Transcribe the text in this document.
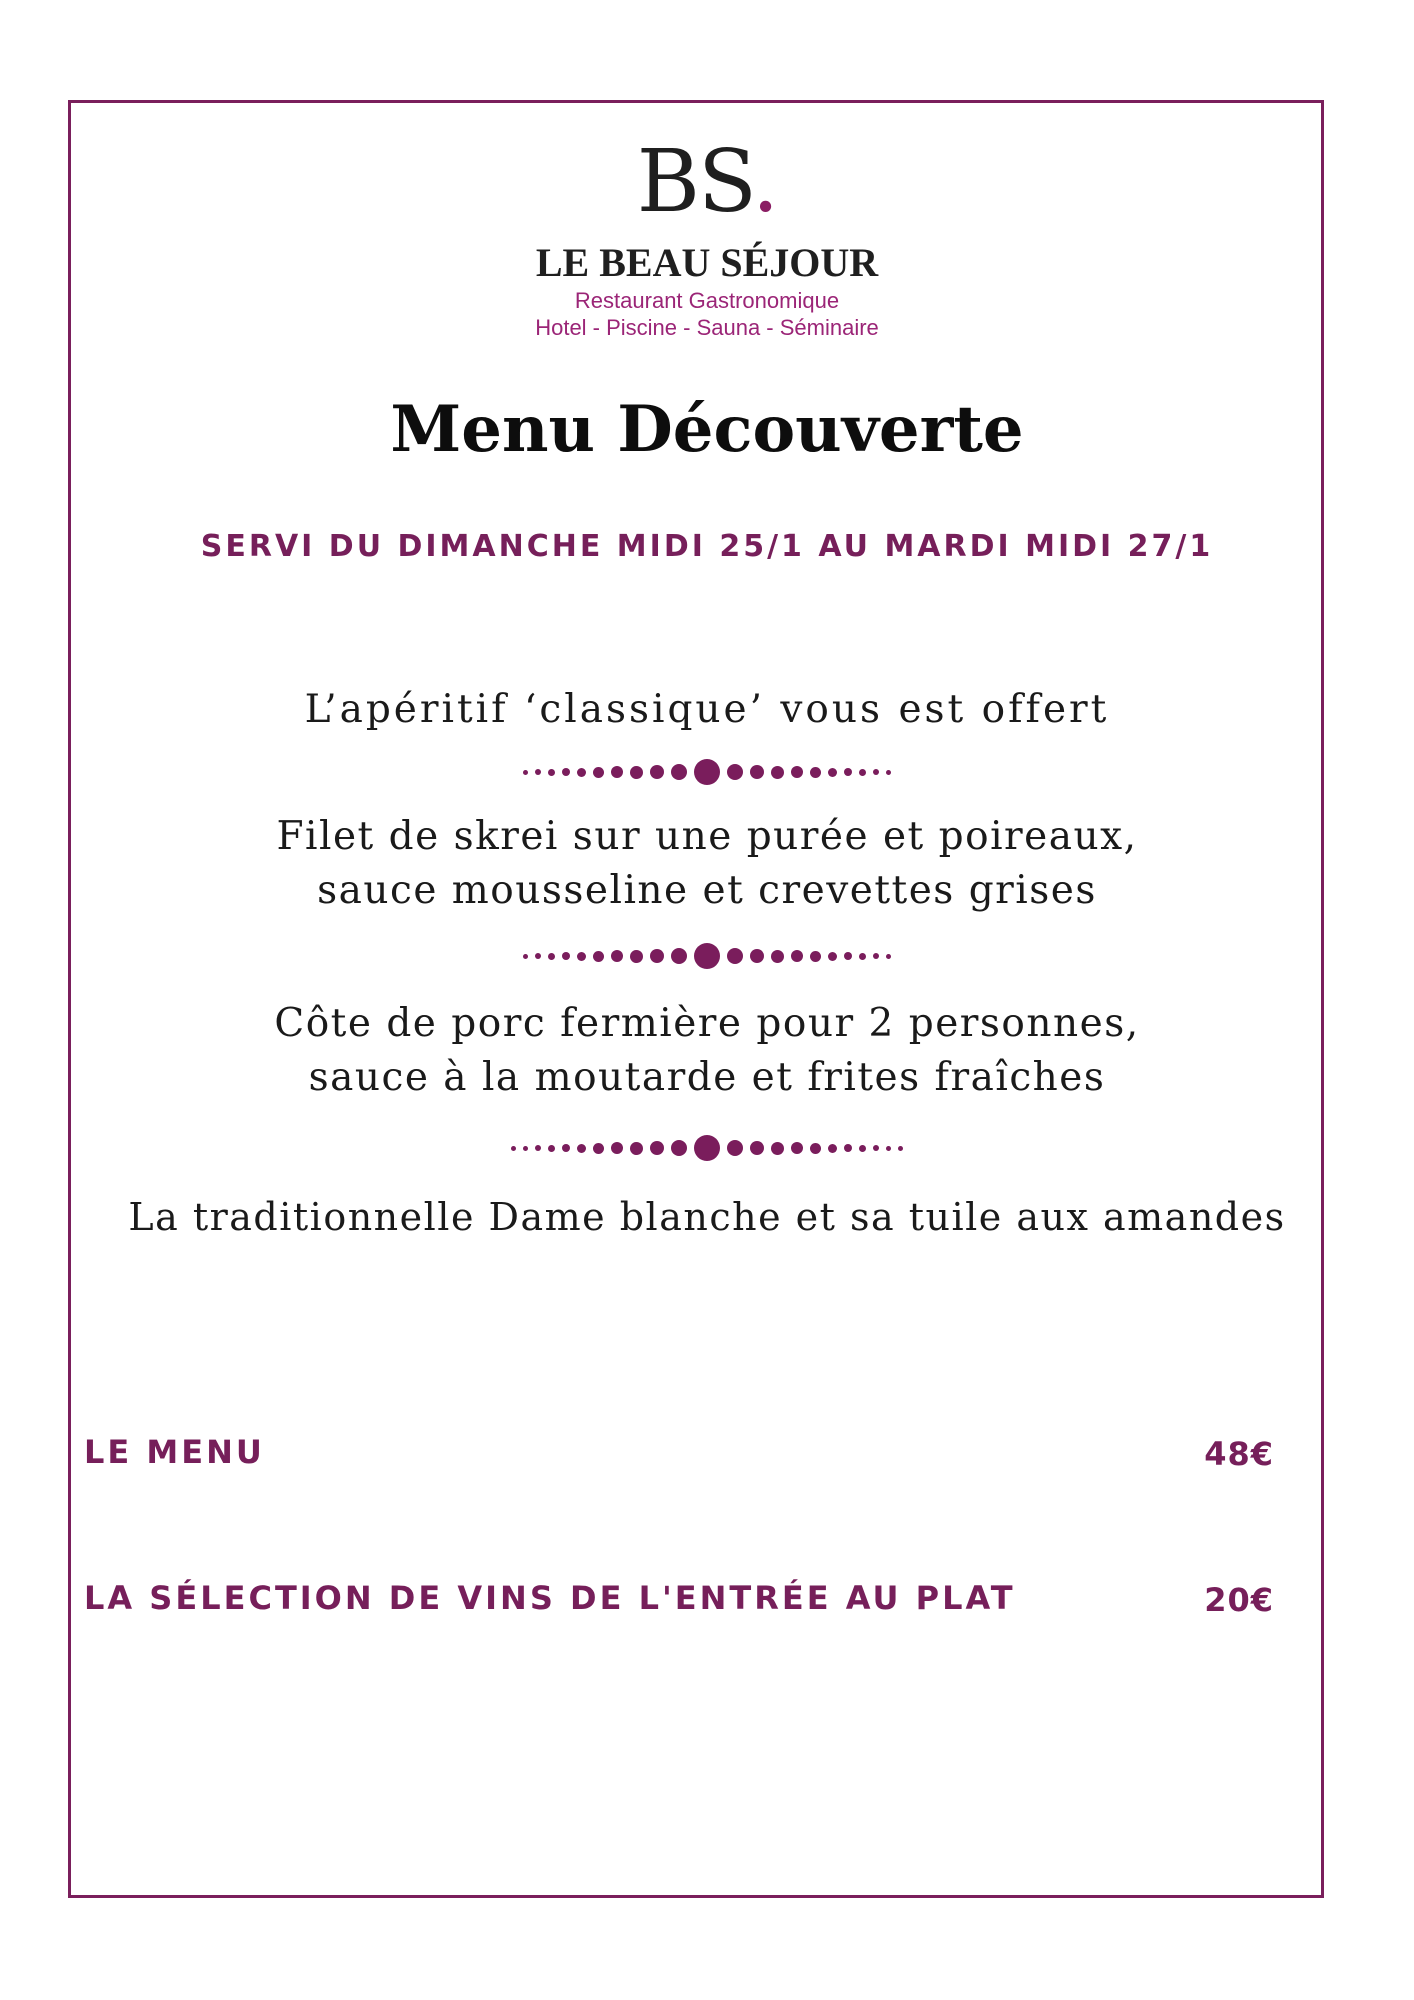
BS.
LE BEAU SÉJOUR
Restaurant Gastronomique
Hotel - Piscine - Sauna - Séminaire
Menu Découverte
SERVI DU DIMANCHE MIDI 25/1 AU MARDI MIDI 27/1
L’apéritif ‘classique’ vous est offert
Filet de skrei sur une purée et poireaux,
sauce mousseline et crevettes grises
Côte de porc fermière pour 2 personnes,
sauce à la moutarde et frites fraîches
La traditionnelle Dame blanche et sa tuile aux amandes
LE MENU	48€
LA SÉLECTION DE VINS DE L'ENTRÉE AU PLAT	20€
